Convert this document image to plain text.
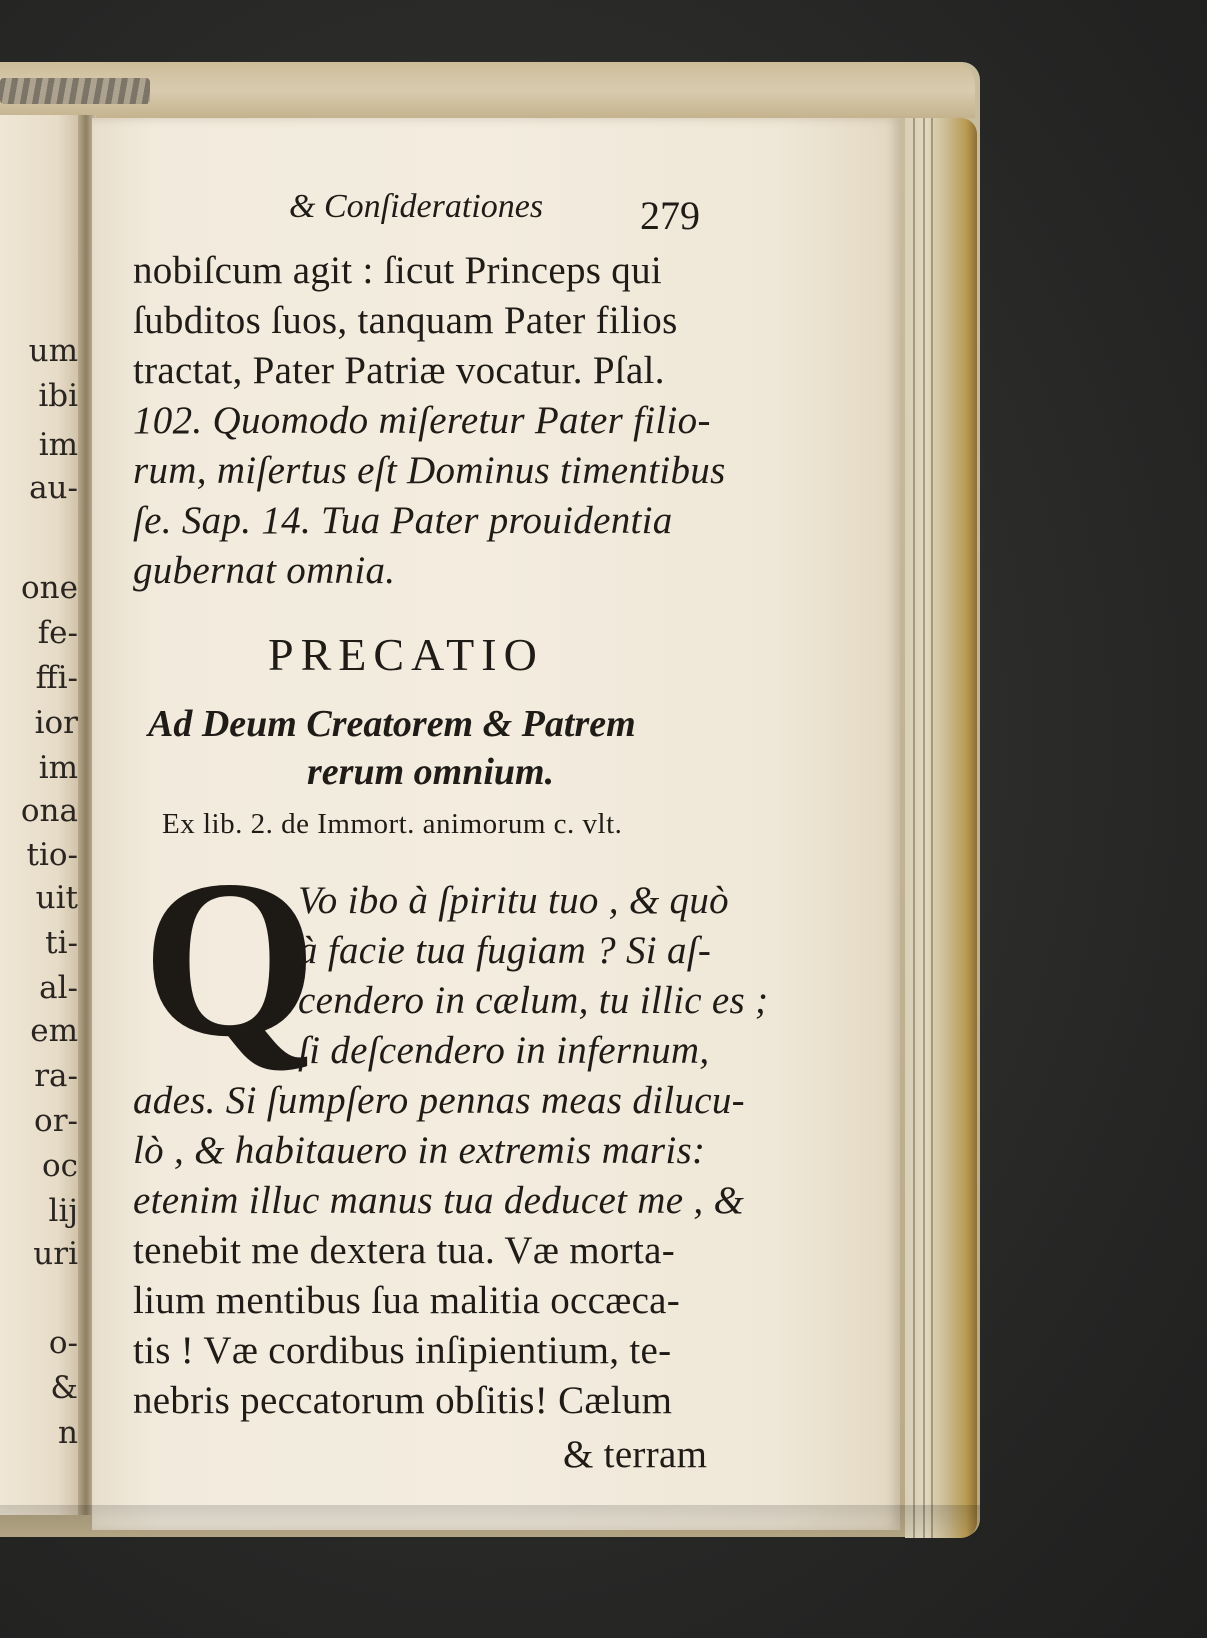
um
ibi
im
au-
one
fe-
ffi-
ior
im
ona
tio-
uit
ti-
al-
em
ra-
or-
oc
lij
uri
o-
&
n
& Conſiderationes 279
nobiſcum agit : ſicut Princeps qui
ſubditos ſuos, tanquam Pater filios
tractat, Pater Patriæ vocatur. Pſal.
102. Quomodo miſeretur Pater filio-
rum, miſertus eſt Dominus timentibus
ſe. Sap. 14. Tua Pater prouidentia
gubernat omnia.
PRECATIO
Ad Deum Creatorem & Patrem
rerum omnium.
Ex lib. 2. de Immort. animorum c. vlt.
Q
Vo ibo à ſpiritu tuo , & quò
à facie tua fugiam ? Si aſ-
cendero in cælum, tu illic es ;
ſi deſcendero in infernum,
ades. Si ſumpſero pennas meas dilucu-
lò , & habitauero in extremis maris:
etenim illuc manus tua deducet me , &
tenebit me dextera tua. Væ morta-
lium mentibus ſua malitia occæca-
tis ! Væ cordibus inſipientium, te-
nebris peccatorum obſitis! Cælum
& terram
